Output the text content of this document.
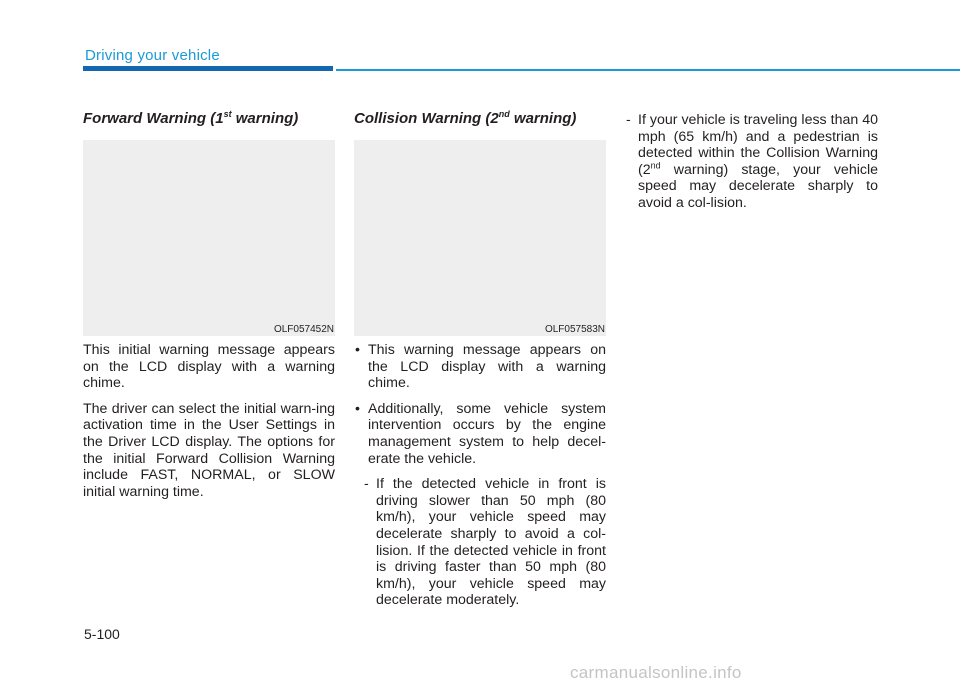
Driving your vehicle
Forward Warning (1st warning)
OLF057452N

This initial warning message appears on the LCD display with a warning chime.

The driver can select the initial warn-ing activation time in the User Settings in the Driver LCD display. The options for the initial Forward Collision Warning include FAST, NORMAL, or SLOW initial warning time.

Collision Warning (2nd warning)
OLF057583N

• This warning message appears on the LCD display with a warning chime.

• Additionally, some vehicle system intervention occurs by the engine management system to help decel-erate the vehicle.

- If the detected vehicle in front is driving slower than 50 mph (80 km/h), your vehicle speed may decelerate sharply to avoid a col-lision. If the detected vehicle in front is driving faster than 50 mph (80 km/h), your vehicle speed may decelerate moderately.

- If your vehicle is traveling less than 40 mph (65 km/h) and a pedestrian is detected within the Collision Warning (2nd warning) stage, your vehicle speed may decelerate sharply to avoid a col-lision.

5-100
carmanualsonline.info
